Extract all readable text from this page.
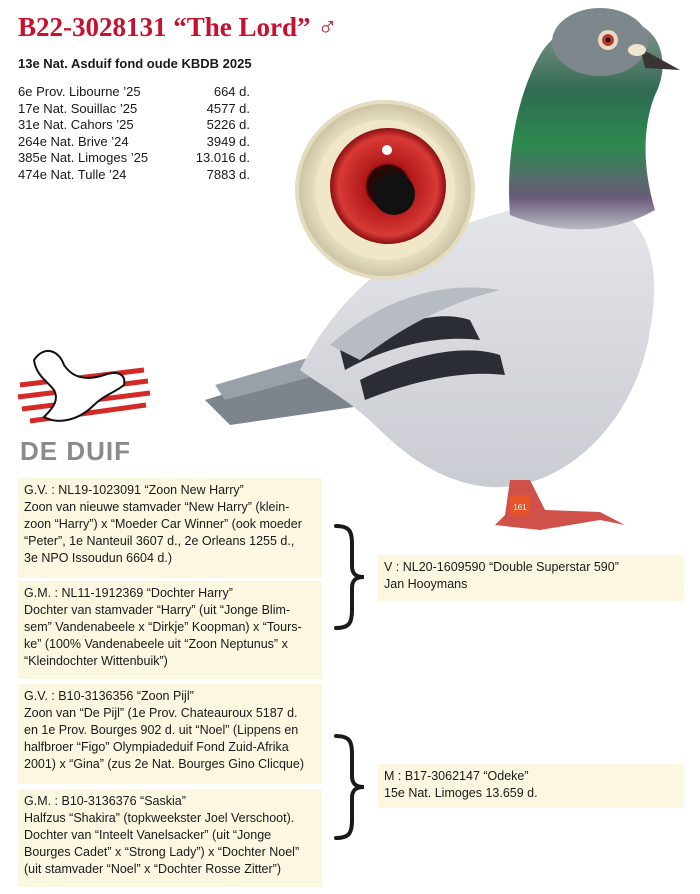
B22-3028131 “The Lord” ♂
13e Nat. Asduif fond oude KBDB 2025
6e Prov. Libourne ’25	664 d.
17e Nat. Souillac ’25	4577 d.
31e Nat. Cahors ’25	5226 d.
264e Nat. Brive ’24	3949 d.
385e Nat. Limoges ’25	13.016 d.
474e Nat. Tulle ’24	7883 d.
161
DE DUIF
G.V. : NL19-1023091 “Zoon New Harry”
Zoon van nieuwe stamvader “New Harry” (klein-
zoon “Harry”) x “Moeder Car Winner” (ook moeder
“Peter”, 1e Nanteuil 3607 d., 2e Orleans 1255 d.,
3e NPO Issoudun 6604 d.)
G.M. : NL11-1912369 “Dochter Harry”
Dochter van stamvader “Harry” (uit “Jonge Blim-
sem” Vandenabeele x “Dirkje” Koopman) x “Tours-
ke” (100% Vandenabeele uit “Zoon Neptunus” x
“Kleindochter Wittenbuik”)
G.V. : B10-3136356 “Zoon Pijl”
Zoon van “De Pijl” (1e Prov. Chateauroux 5187 d.
en 1e Prov. Bourges 902 d. uit “Noel” (Lippens en
halfbroer “Figo” Olympiadeduif Fond Zuid-Afrika
2001) x “Gina” (zus 2e Nat. Bourges Gino Clicque)
G.M. : B10-3136376 “Saskia”
Halfzus “Shakira” (topkweekster Joel Verschoot).
Dochter van “Inteelt Vanelsacker” (uit “Jonge
Bourges Cadet” x “Strong Lady”) x “Dochter Noel”
(uit stamvader “Noel” x “Dochter Rosse Zitter”)
V : NL20-1609590 “Double Superstar 590”
Jan Hooymans
M : B17-3062147 “Odeke”
15e Nat. Limoges 13.659 d.
